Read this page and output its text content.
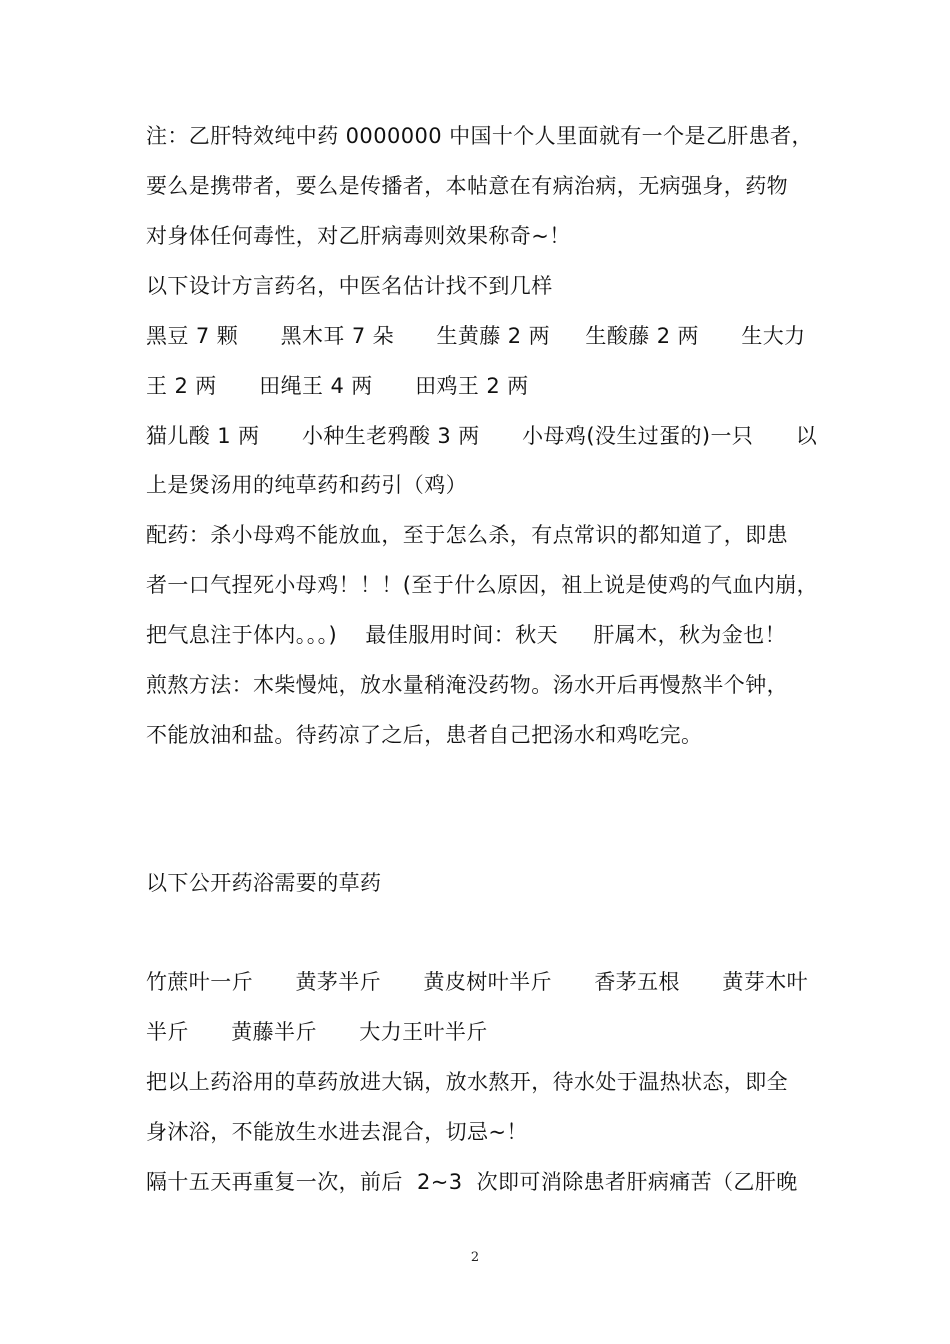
注：乙肝特效纯中药 0000000 中国十个人里面就有一个是乙肝患者，
要么是携带者，要么是传播者，本帖意在有病治病，无病强身，药物
对身体任何毒性，对乙肝病毒则效果称奇~！
以下设计方言药名，中医名估计找不到几样
黑豆 7 颗      黑木耳 7 朵      生黄藤 2 两     生酸藤 2 两      生大力
王 2 两      田绳王 4 两      田鸡王 2 两
猫儿酸 1 两      小种生老鸦酸 3 两      小母鸡(没生过蛋的)一只      以
上是煲汤用的纯草药和药引（鸡）
配药：杀小母鸡不能放血，至于怎么杀，有点常识的都知道了，即患
者一口气捏死小母鸡！！！(至于什么原因，祖上说是使鸡的气血内崩，
把气息注于体内。。。)    最佳服用时间：秋天     肝属木，秋为金也！
煎熬方法：木柴慢炖，放水量稍淹没药物。汤水开后再慢熬半个钟，
不能放油和盐。待药凉了之后，患者自己把汤水和鸡吃完。
以下公开药浴需要的草药
竹蔗叶一斤      黄茅半斤      黄皮树叶半斤      香茅五根      黄芽木叶
半斤      黄藤半斤      大力王叶半斤
把以上药浴用的草药放进大锅，放水熬开，待水处于温热状态，即全
身沐浴，不能放生水进去混合，切忌~！
隔十五天再重复一次，前后  2~3  次即可消除患者肝病痛苦（乙肝晚
2
